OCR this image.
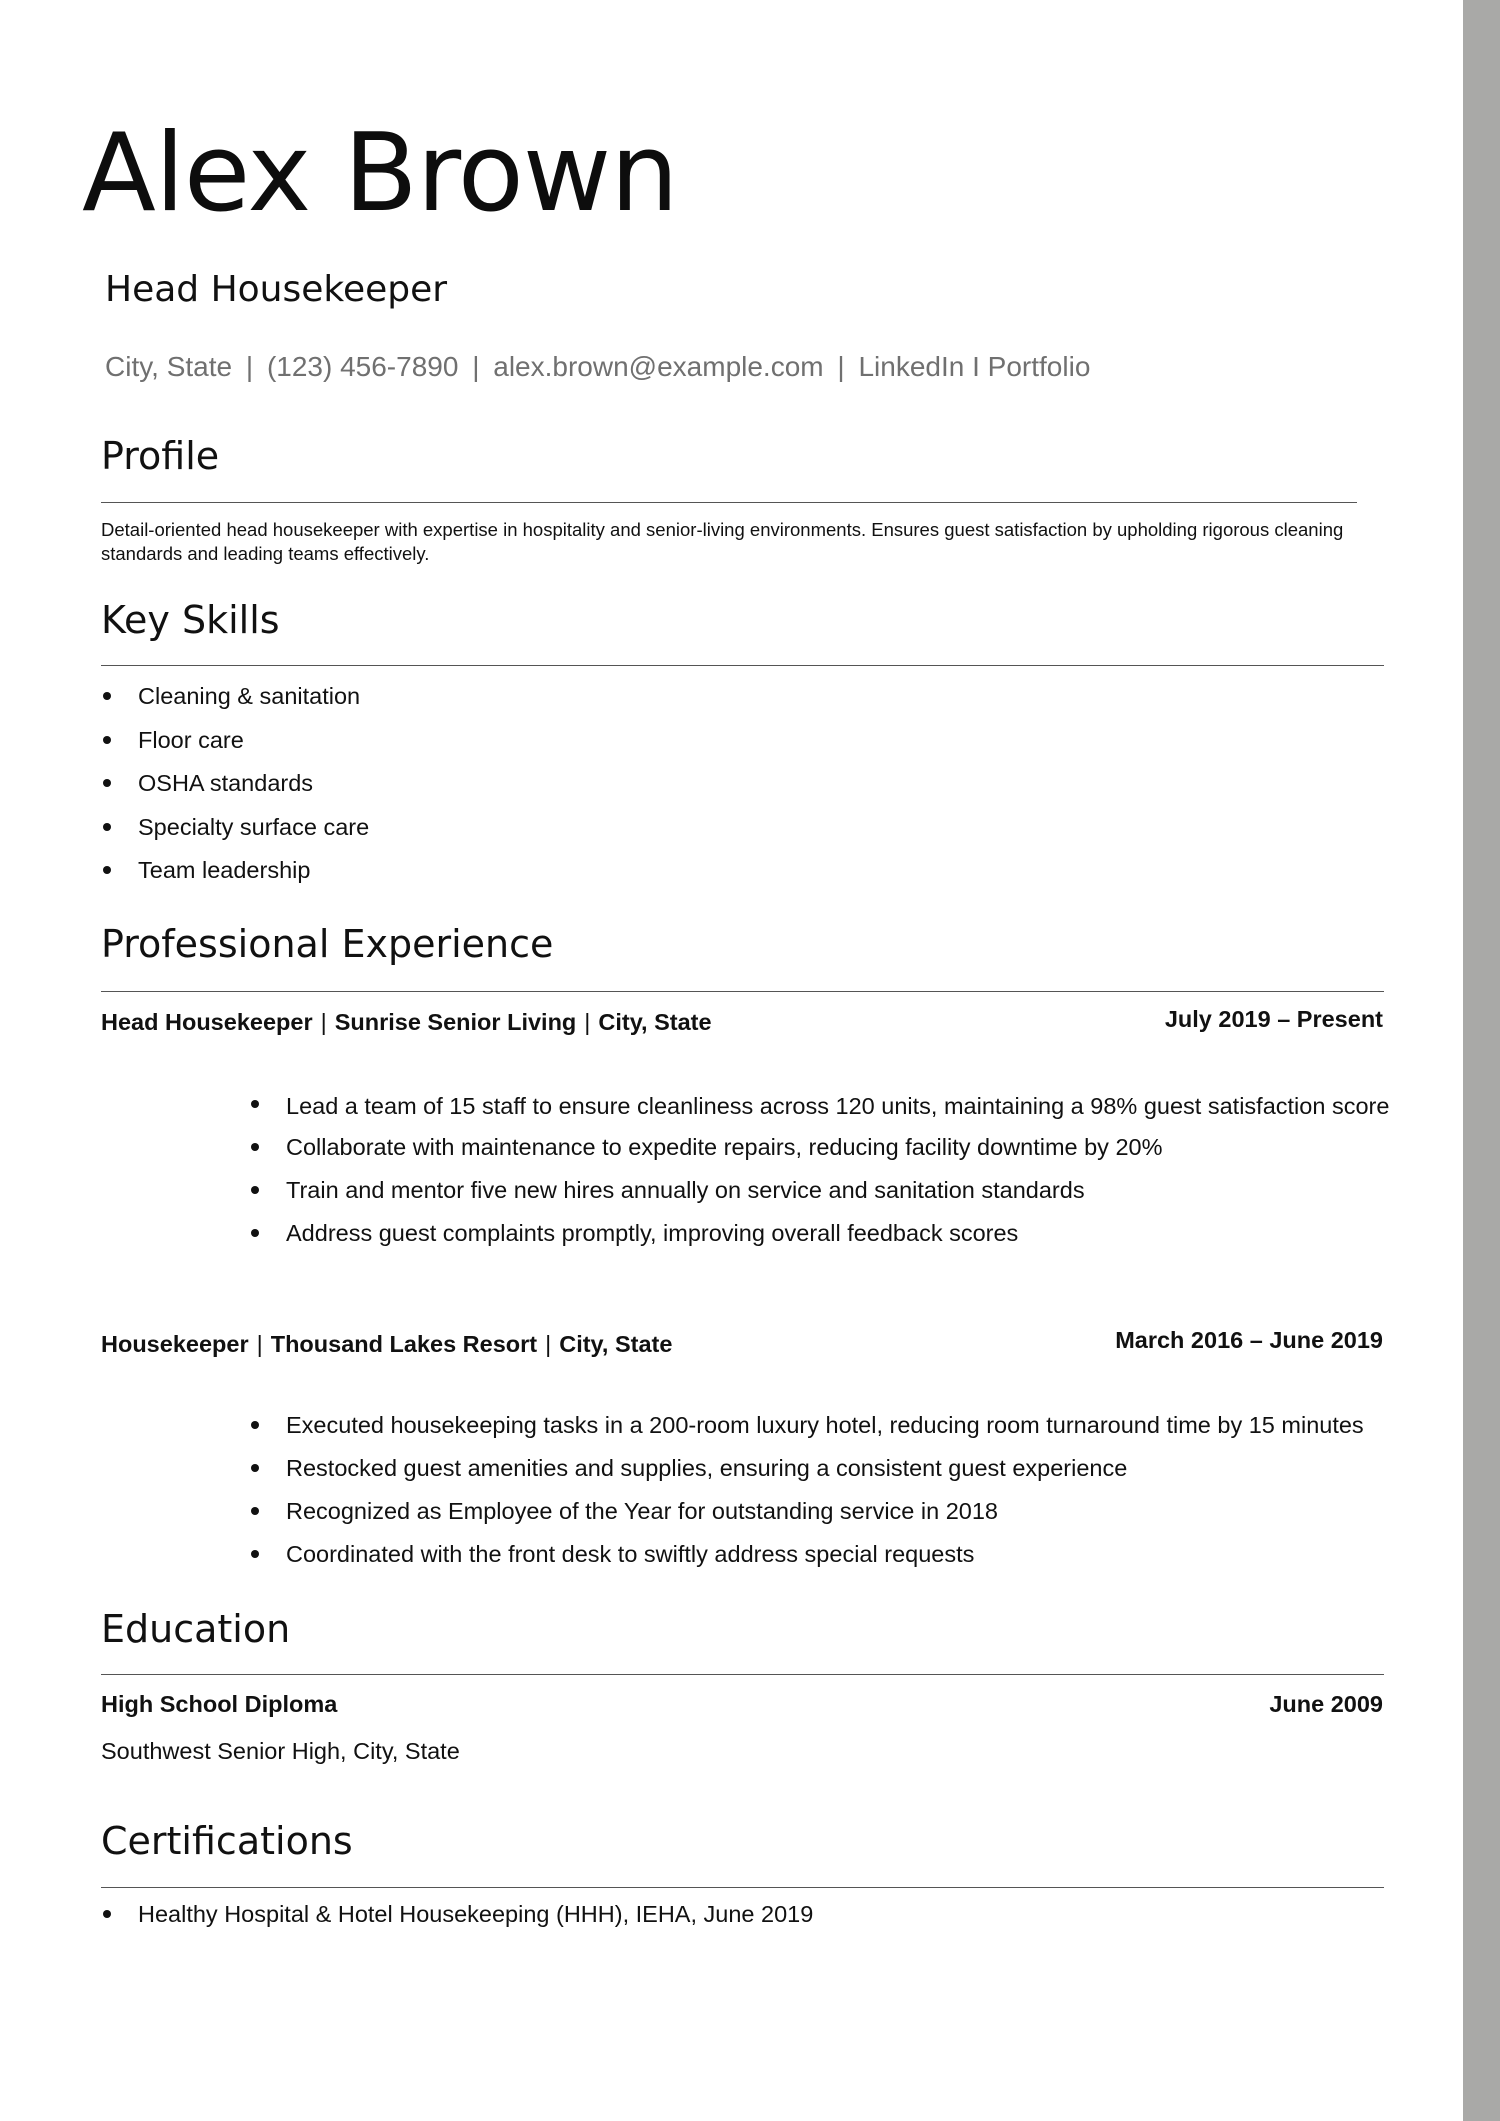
Alex Brown
Head Housekeeper
City, State | (123) 456-7890 | alex.brown@example.com | LinkedIn I Portfolio
Profile
Detail-oriented head housekeeper with expertise in hospitality and senior-living environments. Ensures guest satisfaction by upholding rigorous cleaning standards and leading teams effectively.
Key Skills
Cleaning & sanitation
Floor care
OSHA standards
Specialty surface care
Team leadership
Professional Experience
Head Housekeeper | Sunrise Senior Living | City, State	July 2019 – Present
Lead a team of 15 staff to ensure cleanliness across 120 units, maintaining a 98% guest satisfaction score
Collaborate with maintenance to expedite repairs, reducing facility downtime by 20%
Train and mentor five new hires annually on service and sanitation standards
Address guest complaints promptly, improving overall feedback scores
Housekeeper | Thousand Lakes Resort | City, State	March 2016 – June 2019
Executed housekeeping tasks in a 200-room luxury hotel, reducing room turnaround time by 15 minutes
Restocked guest amenities and supplies, ensuring a consistent guest experience
Recognized as Employee of the Year for outstanding service in 2018
Coordinated with the front desk to swiftly address special requests
Education
High School Diploma	June 2009
Southwest Senior High, City, State
Certifications
Healthy Hospital & Hotel Housekeeping (HHH), IEHA, June 2019
